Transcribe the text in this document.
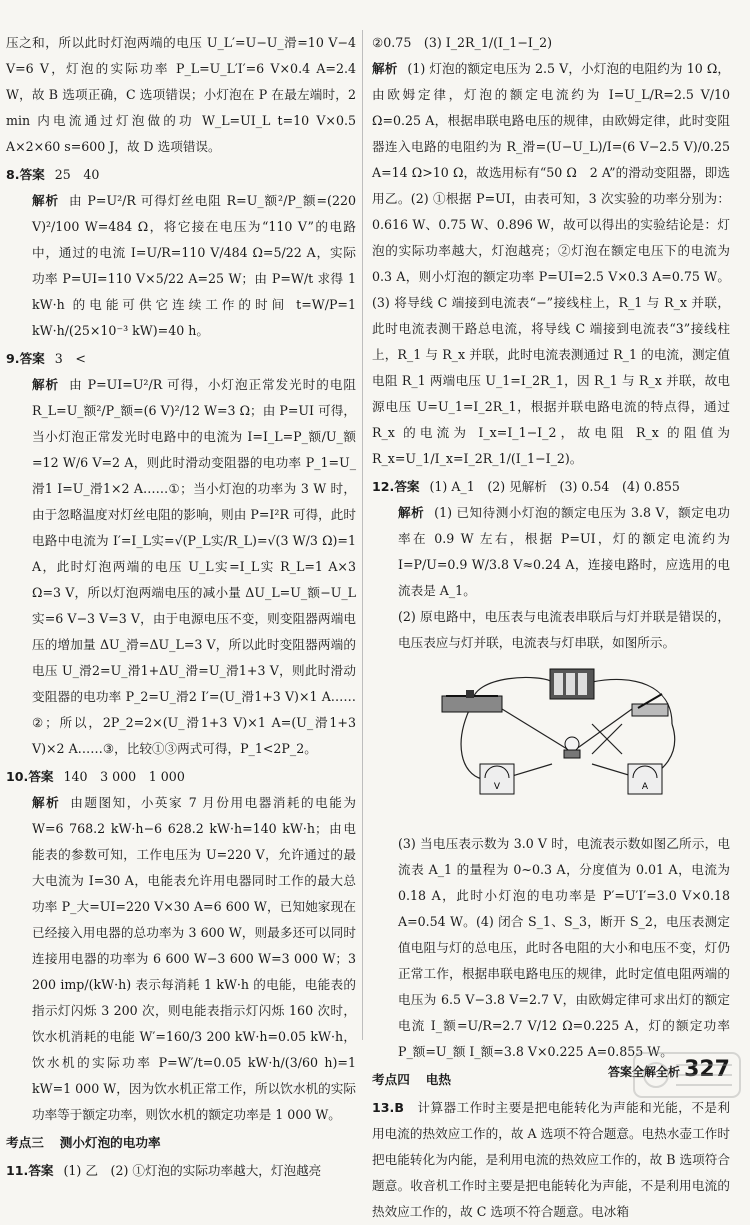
压之和，所以此时灯泡两端的电压 U_L′=U−U_滑=10 V−4 V=6 V，灯泡的实际功率 P_L=U_L′I′=6 V×0.4 A=2.4 W，故 B 选项正确，C 选项错误；小灯泡在 P 在最左端时，2 min 内电流通过灯泡做的功 W_L=UI_L t=10 V×0.5 A×2×60 s=600 J，故 D 选项错误。

8.答案 25　40

解析 由 P=U²/R 可得灯丝电阻 R=U_额²/P_额=(220 V)²/100 W=484 Ω，将它接在电压为“110 V”的电路中，通过的电流 I=U/R=110 V/484 Ω=5/22 A，实际功率 P=UI=110 V×5/22 A=25 W；由 P=W/t 求得 1 kW·h 的电能可供它连续工作的时间 t=W/P=1 kW·h/(25×10⁻³ kW)=40 h。

9.答案 3　<

解析 由 P=UI=U²/R 可得，小灯泡正常发光时的电阻 R_L=U_额²/P_额=(6 V)²/12 W=3 Ω；由 P=UI 可得，当小灯泡正常发光时电路中的电流为 I=I_L=P_额/U_额=12 W/6 V=2 A，则此时滑动变阻器的电功率 P_1=U_滑1 I=U_滑1×2 A……①；当小灯泡的功率为 3 W 时，由于忽略温度对灯丝电阻的影响，则由 P=I²R 可得，此时电路中电流为 I′=I_L实=√(P_L实/R_L)=√(3 W/3 Ω)=1 A，此时灯泡两端的电压 U_L实=I_L实 R_L=1 A×3 Ω=3 V，所以灯泡两端电压的减小量 ΔU_L=U_额−U_L实=6 V−3 V=3 V，由于电源电压不变，则变阻器两端电压的增加量 ΔU_滑=ΔU_L=3 V，所以此时变阻器两端的电压 U_滑2=U_滑1+ΔU_滑=U_滑1+3 V，则此时滑动变阻器的电功率 P_2=U_滑2 I′=(U_滑1+3 V)×1 A……②；所以，2P_2=2×(U_滑1+3 V)×1 A=(U_滑1+3 V)×2 A……③，比较①③两式可得，P_1<2P_2。

10.答案 140　3 000　1 000

解析 由题图知，小英家 7 月份用电器消耗的电能为 W=6 768.2 kW·h−6 628.2 kW·h=140 kW·h；由电能表的参数可知，工作电压为 U=220 V，允许通过的最大电流为 I=30 A，电能表允许用电器同时工作的最大总功率 P_大=UI=220 V×30 A=6 600 W，已知她家现在已经接入用电器的总功率为 3 600 W，则最多还可以同时连接用电器的功率为 6 600 W−3 600 W=3 000 W；3 200 imp/(kW·h) 表示每消耗 1 kW·h 的电能，电能表的指示灯闪烁 3 200 次，则电能表指示灯闪烁 160 次时，饮水机消耗的电能 W′=160/3 200 kW·h=0.05 kW·h，饮水机的实际功率 P=W′/t=0.05 kW·h/(3/60 h)=1 kW=1 000 W，因为饮水机正常工作，所以饮水机的实际功率等于额定功率，则饮水机的额定功率是 1 000 W。

考点三 测小灯泡的电功率

11.答案 (1) 乙　(2) ①灯泡的实际功率越大，灯泡越亮

②0.75　(3) I_2R_1/(I_1−I_2)

解析 (1) 灯泡的额定电压为 2.5 V，小灯泡的电阻约为 10 Ω，由欧姆定律，灯泡的额定电流约为 I=U_L/R=2.5 V/10 Ω=0.25 A，根据串联电路电压的规律，由欧姆定律，此时变阻器连入电路的电阻约为 R_滑=(U−U_L)/I=(6 V−2.5 V)/0.25 A=14 Ω>10 Ω，故选用标有“50 Ω　2 A”的滑动变阻器，即选用乙。(2) ①根据 P=UI，由表可知，3 次实验的功率分别为：0.616 W、0.75 W、0.896 W，故可以得出的实验结论是：灯泡的实际功率越大，灯泡越亮；②灯泡在额定电压下的电流为 0.3 A，则小灯泡的额定功率 P=UI=2.5 V×0.3 A=0.75 W。(3) 将导线 C 端接到电流表“−”接线柱上，R_1 与 R_x 并联，此时电流表测干路总电流，将导线 C 端接到电流表“3”接线柱上，R_1 与 R_x 并联，此时电流表测通过 R_1 的电流，测定值电阻 R_1 两端电压 U_1=I_2R_1，因 R_1 与 R_x 并联，故电源电压 U=U_1=I_2R_1，根据并联电路电流的特点得，通过 R_x 的电流为 I_x=I_1−I_2，故电阻 R_x 的阻值为 R_x=U_1/I_x=I_2R_1/(I_1−I_2)。

12.答案 (1) A_1　(2) 见解析　(3) 0.54　(4) 0.855

解析 (1) 已知待测小灯泡的额定电压为 3.8 V，额定电功率在 0.9 W 左右，根据 P=UI，灯的额定电流约为 I=P/U=0.9 W/3.8 V≈0.24 A，连接电路时，应选用的电流表是 A_1。

(2) 原电路中，电压表与电流表串联后与灯并联是错误的，电压表应与灯并联，电流表与灯串联，如图所示。

V	A

(3) 当电压表示数为 3.0 V 时，电流表示数如图乙所示，电流表 A_1 的量程为 0~0.3 A，分度值为 0.01 A，电流为 0.18 A，此时小灯泡的电功率是 P′=U′I′=3.0 V×0.18 A=0.54 W。(4) 闭合 S_1、S_3，断开 S_2，电压表测定值电阻与灯的总电压，此时各电阻的大小和电压不变，灯仍正常工作，根据串联电路电压的规律，此时定值电阻两端的电压为 6.5 V−3.8 V=2.7 V，由欧姆定律可求出灯的额定电流 I_额=U/R=2.7 V/12 Ω=0.225 A，灯的额定功率 P_额=U_额 I_额=3.8 V×0.225 A=0.855 W。

考点四 电热

13.B　 计算器工作时主要是把电能转化为声能和光能，不是利用电流的热效应工作的，故 A 选项不符合题意。电热水壶工作时把电能转化为内能，是利用电流的热效应工作的，故 B 选项符合题意。收音机工作时主要是把电能转化为声能，不是利用电流的热效应工作的，故 C 选项不符合题意。电冰箱

答案全解全析 327
